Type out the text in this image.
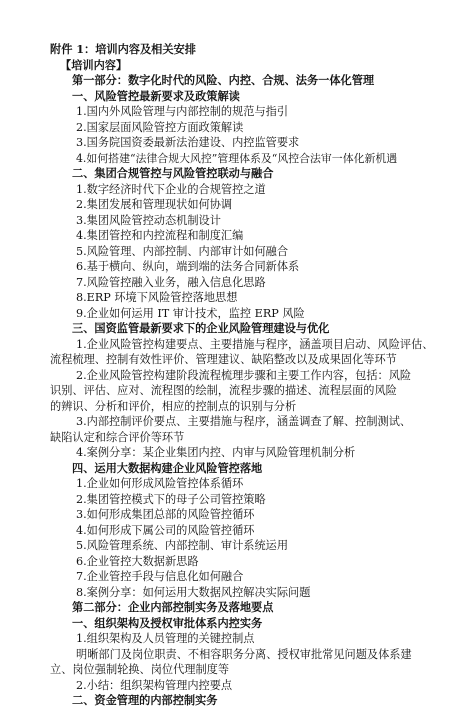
附件 1：培训内容及相关安排
【培训内容】
第一部分：数字化时代的风险、内控、合规、法务一体化管理
一、风险管控最新要求及政策解读
1.国内外风险管理与内部控制的规范与指引
2.国家层面风险管控方面政策解读
3.国务院国资委最新法治建设、内控监管要求
4.如何搭建“法律合规大风控”管理体系及“风控合法审一体化新机遇
二、集团合规管控与风险管控联动与融合
1.数字经济时代下企业的合规管控之道
2.集团发展和管理现状如何协调
3.集团风险管控动态机制设计
4.集团管控和内控流程和制度汇编
5.风险管理、内部控制、内部审计如何融合
6.基于横向、纵向，端到端的法务合同新体系
7.风险管控融入业务，融入信息化思路
8.ERP 环境下风险管控落地思想
9.企业如何运用 IT 审计技术，监控 ERP 风险
三、国资监管最新要求下的企业风险管理建设与优化
1.企业风险管控构建要点、主要措施与程序，涵盖项目启动、风险评估、
流程梳理、控制有效性评价、管理建议、缺陷整改以及成果固化等环节
2.企业风险管控构建阶段流程梳理步骤和主要工作内容，包括：风险
识别、评估、应对、流程图的绘制，流程步骤的描述、流程层面的风险
的辨识、分析和评价，相应的控制点的识别与分析
3.内部控制评价要点、主要措施与程序，涵盖调查了解、控制测试、
缺陷认定和综合评价等环节
4.案例分享：某企业集团内控、内审与风险管理机制分析
四、运用大数据构建企业风险管控落地
1.企业如何形成风险管控体系循环
2.集团管控模式下的母子公司管控策略
3.如何形成集团总部的风险管控循环
4.如何形成下属公司的风险管控循环
5.风险管理系统、内部控制、审计系统运用
6.企业管控大数据新思路
7.企业管控手段与信息化如何融合
8.案例分享：如何运用大数据风控解决实际问题
第二部分：企业内部控制实务及落地要点
一、组织架构及授权审批体系内控实务
1.组织架构及人员管理的关键控制点
明晰部门及岗位职责、不相容职务分离、授权审批常见问题及体系建
立、岗位强制轮换、岗位代理制度等
2.小结：组织架构管理内控要点
二、资金管理的内部控制实务
